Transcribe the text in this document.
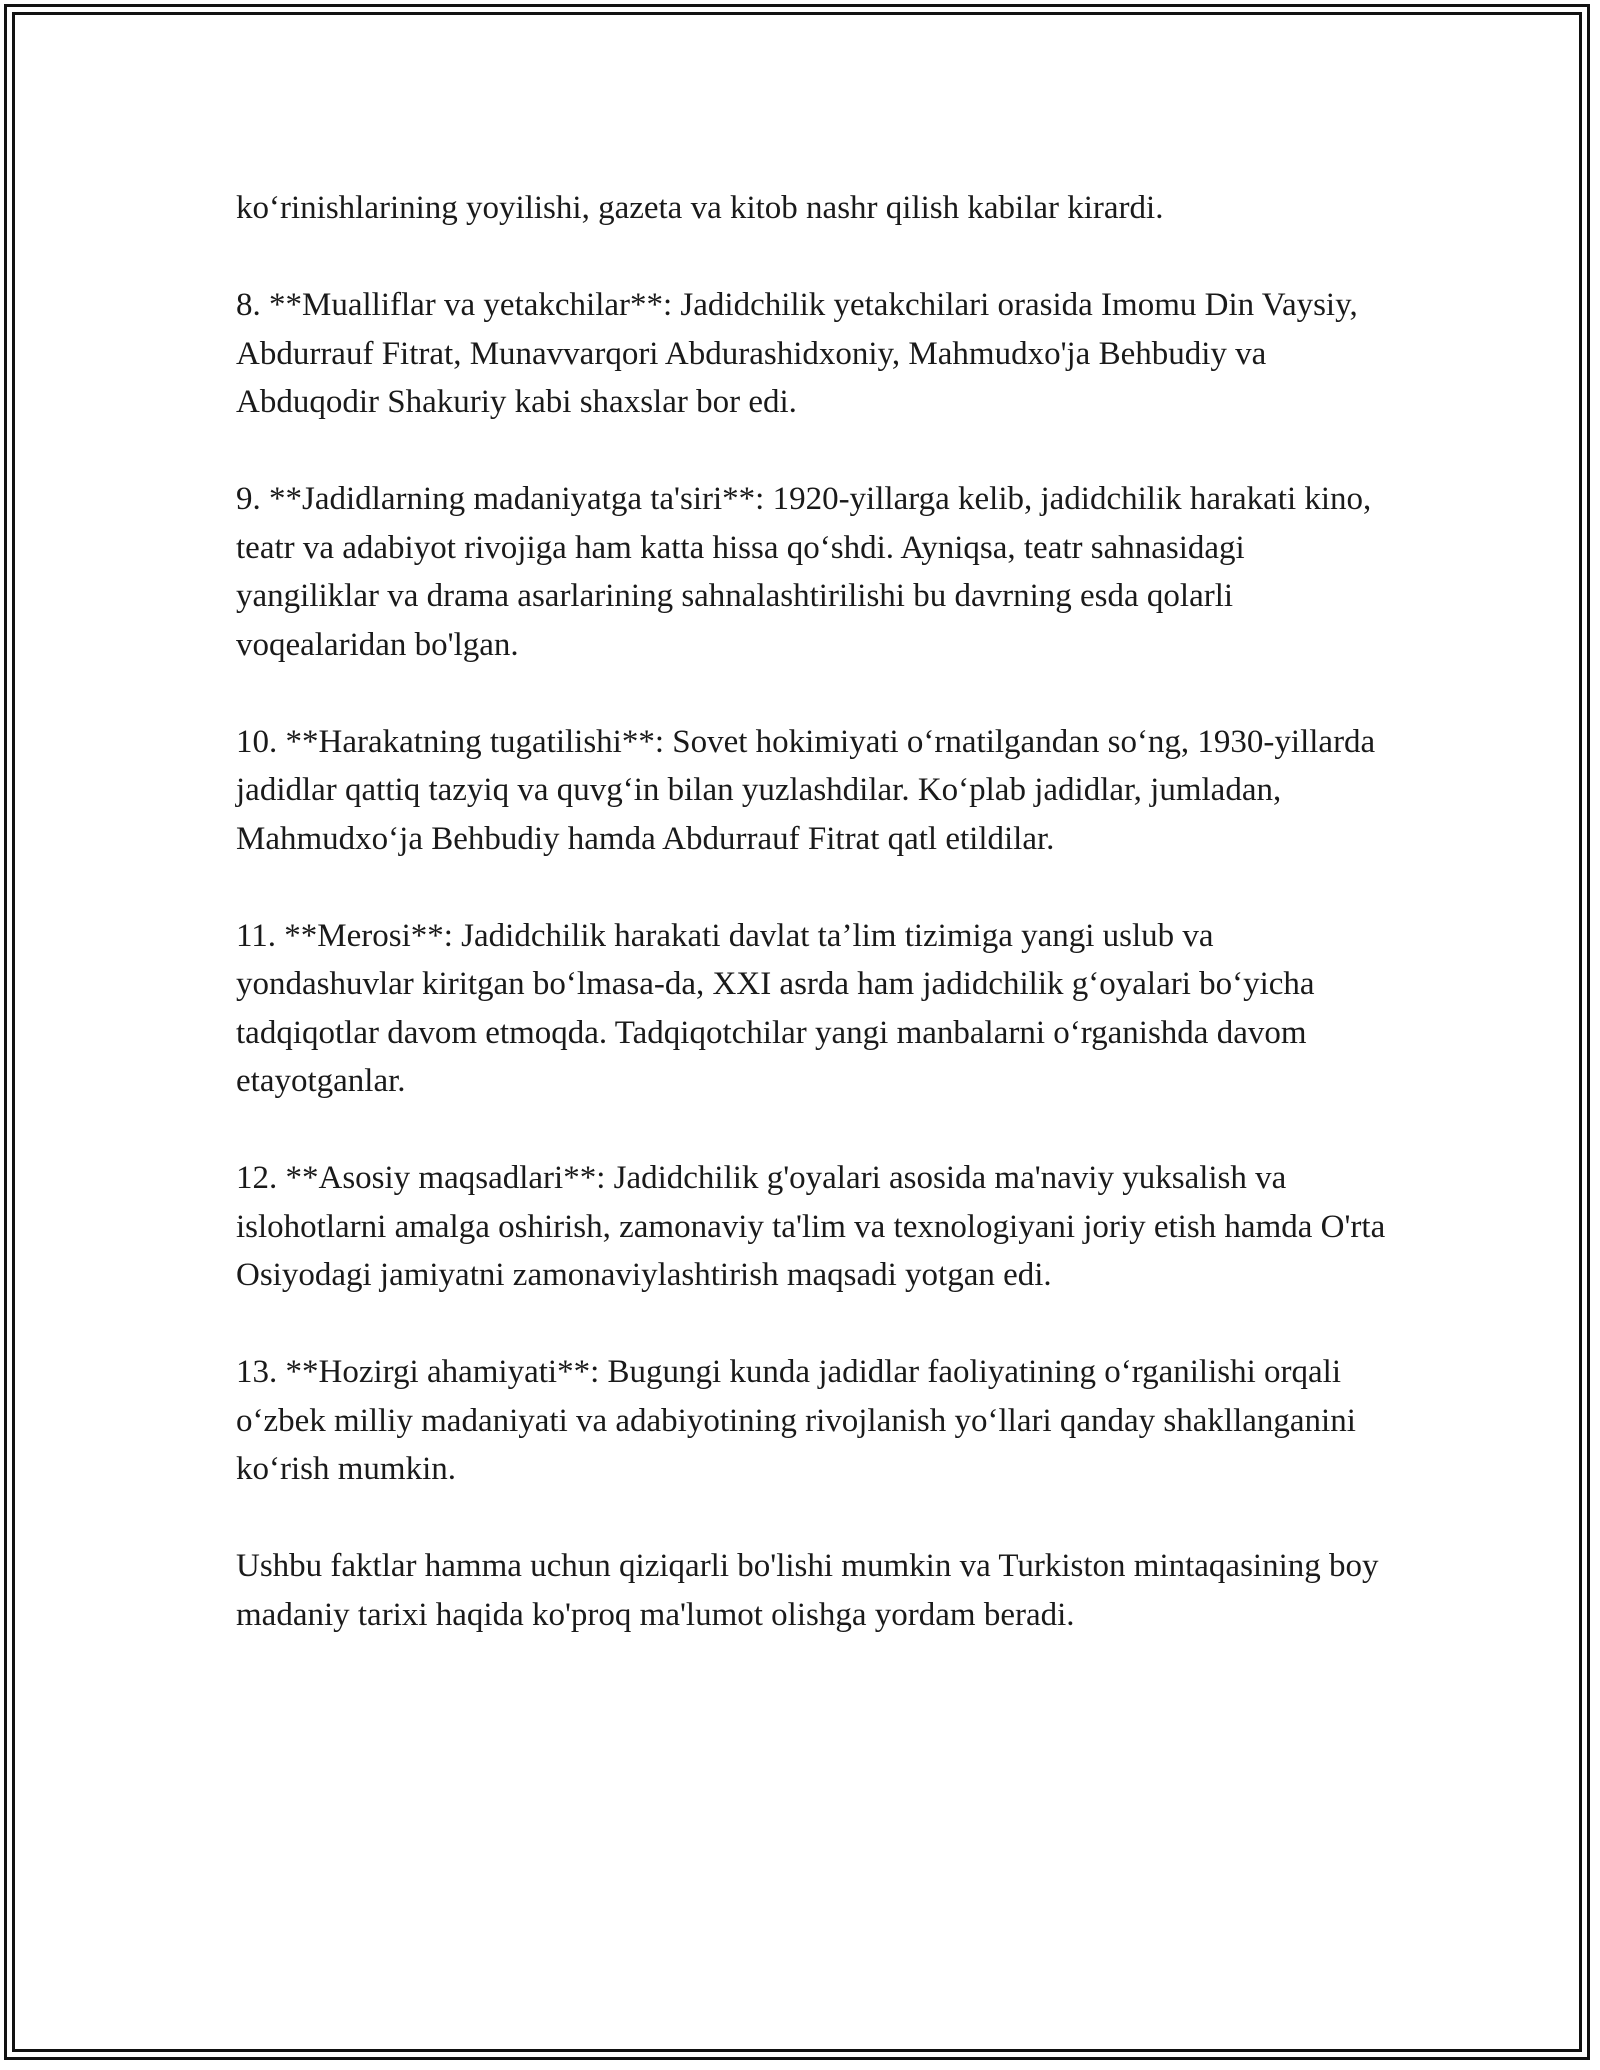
ko‘rinishlarining yoyilishi, gazeta va kitob nashr qilish kabilar kirardi.

8. **Mualliflar va yetakchilar**: Jadidchilik yetakchilari orasida Imomu Din Vaysiy, Abdurrauf Fitrat, Munavvarqori Abdurashidxoniy, Mahmudxo'ja Behbudiy va Abduqodir Shakuriy kabi shaxslar bor edi.

9. **Jadidlarning madaniyatga ta'siri**: 1920-yillarga kelib, jadidchilik harakati kino, teatr va adabiyot rivojiga ham katta hissa qo‘shdi. Ayniqsa, teatr sahnasidagi yangiliklar va drama asarlarining sahnalashtirilishi bu davrning esda qolarli voqealaridan bo'lgan.

10. **Harakatning tugatilishi**: Sovet hokimiyati o‘rnatilgandan so‘ng, 1930-yillarda jadidlar qattiq tazyiq va quvg‘in bilan yuzlashdilar. Ko‘plab jadidlar, jumladan, Mahmudxo‘ja Behbudiy hamda Abdurrauf Fitrat qatl etildilar.

11. **Merosi**: Jadidchilik harakati davlat ta’lim tizimiga yangi uslub va yondashuvlar kiritgan bo‘lmasa-da, XXI asrda ham jadidchilik g‘oyalari bo‘yicha tadqiqotlar davom etmoqda. Tadqiqotchilar yangi manbalarni o‘rganishda davom etayotganlar.

12. **Asosiy maqsadlari**: Jadidchilik g'oyalari asosida ma'naviy yuksalish va islohotlarni amalga oshirish, zamonaviy ta'lim va texnologiyani joriy etish hamda O'rta Osiyodagi jamiyatni zamonaviylashtirish maqsadi yotgan edi.

13. **Hozirgi ahamiyati**: Bugungi kunda jadidlar faoliyatining o‘rganilishi orqali o‘zbek milliy madaniyati va adabiyotining rivojlanish yo‘llari qanday shakllanganini ko‘rish mumkin.

Ushbu faktlar hamma uchun qiziqarli bo'lishi mumkin va Turkiston mintaqasining boy madaniy tarixi haqida ko'proq ma'lumot olishga yordam beradi.
